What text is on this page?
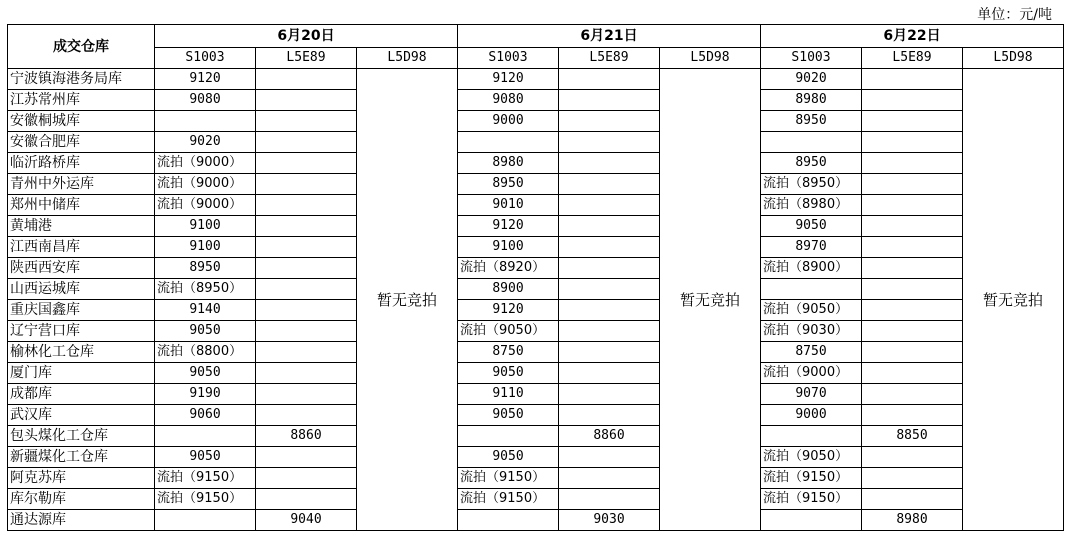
单位：元/吨
成交仓库	6月20日			6月21日			6月22日		
	S1003	L5E89	L5D98	S1003	L5E89	L5D98	S1003	L5E89	L5D98
宁波镇海港务局库	9120		暂无竞拍	9120		暂无竞拍	9020		暂无竞拍
江苏常州库	9080			9080			8980		
安徽桐城库				9000			8950		
安徽合肥库	9020								
临沂路桥库	流拍（9000）			8980			8950		
青州中外运库	流拍（9000）			8950			流拍（8950）		
郑州中储库	流拍（9000）			9010			流拍（8980）		
黄埔港	9100			9120			9050		
江西南昌库	9100			9100			8970		
陕西西安库	8950			流拍（8920）			流拍（8900）		
山西运城库	流拍（8950）			8900					
重庆国鑫库	9140			9120			流拍（9050）		
辽宁营口库	9050			流拍（9050）			流拍（9030）		
榆林化工仓库	流拍（8800）			8750			8750		
厦门库	9050			9050			流拍（9000）		
成都库	9190			9110			9070		
武汉库	9060			9050			9000		
包头煤化工仓库		8860			8860			8850	
新疆煤化工仓库	9050			9050			流拍（9050）		
阿克苏库	流拍（9150）			流拍（9150）			流拍（9150）		
库尔勒库	流拍（9150）			流拍（9150）			流拍（9150）		
通达源库		9040			9030			8980	
